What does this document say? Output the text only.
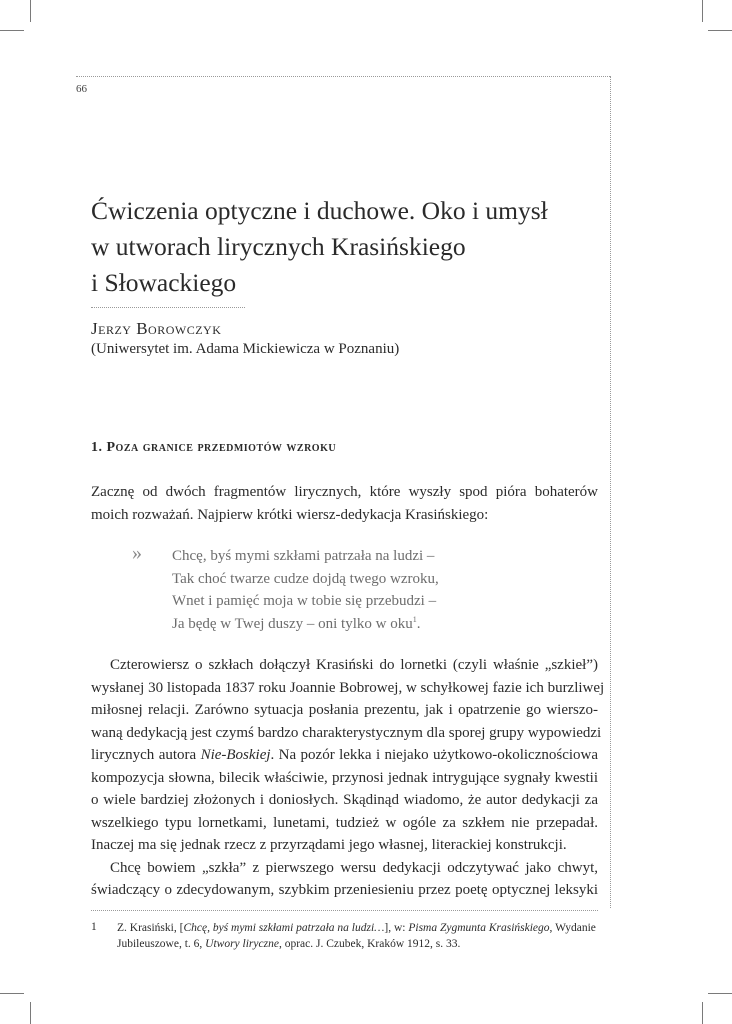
66
Ćwiczenia optyczne i duchowe. Oko i umysł
w utworach lirycznych Krasińskiego
i Słowackiego
Jerzy Borowczyk
(Uniwersytet im. Adama Mickiewicza w Poznaniu)
1. Poza granice przedmiotów wzroku
Zacznę od dwóch fragmentów lirycznych, które wyszły spod pióra bohaterów
moich rozważań. Najpierw krótki wiersz-dedykacja Krasińskiego:
» Chcę, byś mymi szkłami patrzała na ludzi –
Tak choć twarze cudze dojdą twego wzroku,
Wnet i pamięć moja w tobie się przebudzi –
Ja będę w Twej duszy – oni tylko w oku$^1$.
Czterowiersz o szkłach dołączył Krasiński do lornetki (czyli właśnie „szkieł”)
wysłanej 30 listopada 1837 roku Joannie Bobrowej, w schyłkowej fazie ich burzliwej
miłosnej relacji. Zarówno sytuacja posłania prezentu, jak i opatrzenie go wierszo-
waną dedykacją jest czymś bardzo charakterystycznym dla sporej grupy wypowiedzi
lirycznych autora Nie-Boskiej. Na pozór lekka i niejako użytkowo-okolicznościowa
kompozycja słowna, bilecik właściwie, przynosi jednak intrygujące sygnały kwestii
o wiele bardziej złożonych i doniosłych. Skądinąd wiadomo, że autor dedykacji za
wszelkiego typu lornetkami, lunetami, tudzież w ogóle za szkłem nie przepadał.
Inaczej ma się jednak rzecz z przyrządami jego własnej, literackiej konstrukcji.
Chcę bowiem „szkła” z pierwszego wersu dedykacji odczytywać jako chwyt,
świadczący o zdecydowanym, szybkim przeniesieniu przez poetę optycznej leksyki
1 Z. Krasiński, [Chcę, byś mymi szkłami patrzała na ludzi…], w: Pisma Zygmunta Krasińskiego, Wydanie
Jubileuszowe, t. 6, Utwory liryczne, oprac. J. Czubek, Kraków 1912, s. 33.
